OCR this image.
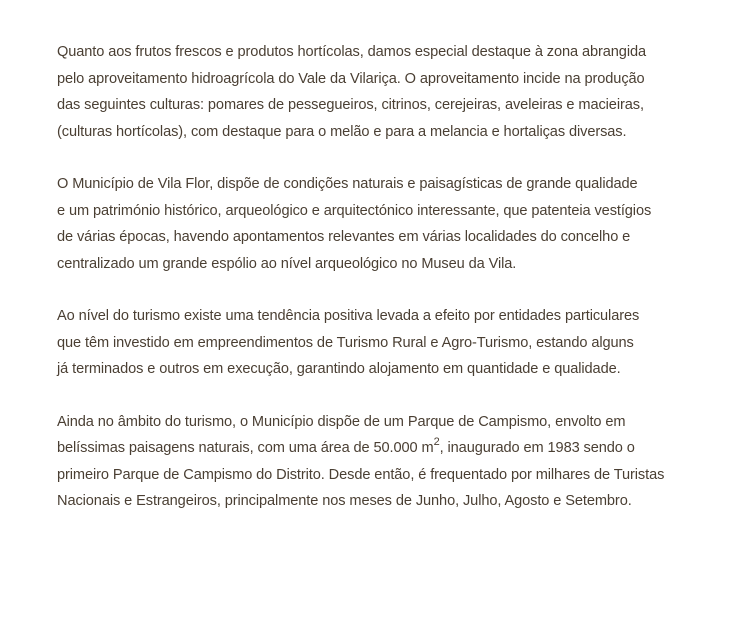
Quanto aos frutos frescos e produtos hortícolas, damos especial destaque à zona abrangida
pelo aproveitamento hidroagrícola do Vale da Vilariça. O aproveitamento incide na produção
das seguintes culturas: pomares de pessegueiros, citrinos, cerejeiras, aveleiras e macieiras,
(culturas hortícolas), com destaque para o melão e para a melancia e hortaliças diversas.

O Município de Vila Flor, dispõe de condições naturais e paisagísticas de grande qualidade
e um património histórico, arqueológico e arquitectónico interessante, que patenteia vestígios
de várias épocas, havendo apontamentos relevantes em várias localidades do concelho e
centralizado um grande espólio ao nível arqueológico no Museu da Vila.

Ao nível do turismo existe uma tendência positiva levada a efeito por entidades particulares
que têm investido em empreendimentos de Turismo Rural e Agro-Turismo, estando alguns
já terminados e outros em execução, garantindo alojamento em quantidade e qualidade.

Ainda no âmbito do turismo, o Município dispõe de um Parque de Campismo, envolto em
belíssimas paisagens naturais, com uma área de 50.000 $m^2$, inaugurado em 1983 sendo o
primeiro Parque de Campismo do Distrito. Desde então, é frequentado por milhares de Turistas
Nacionais e Estrangeiros, principalmente nos meses de Junho, Julho, Agosto e Setembro.
